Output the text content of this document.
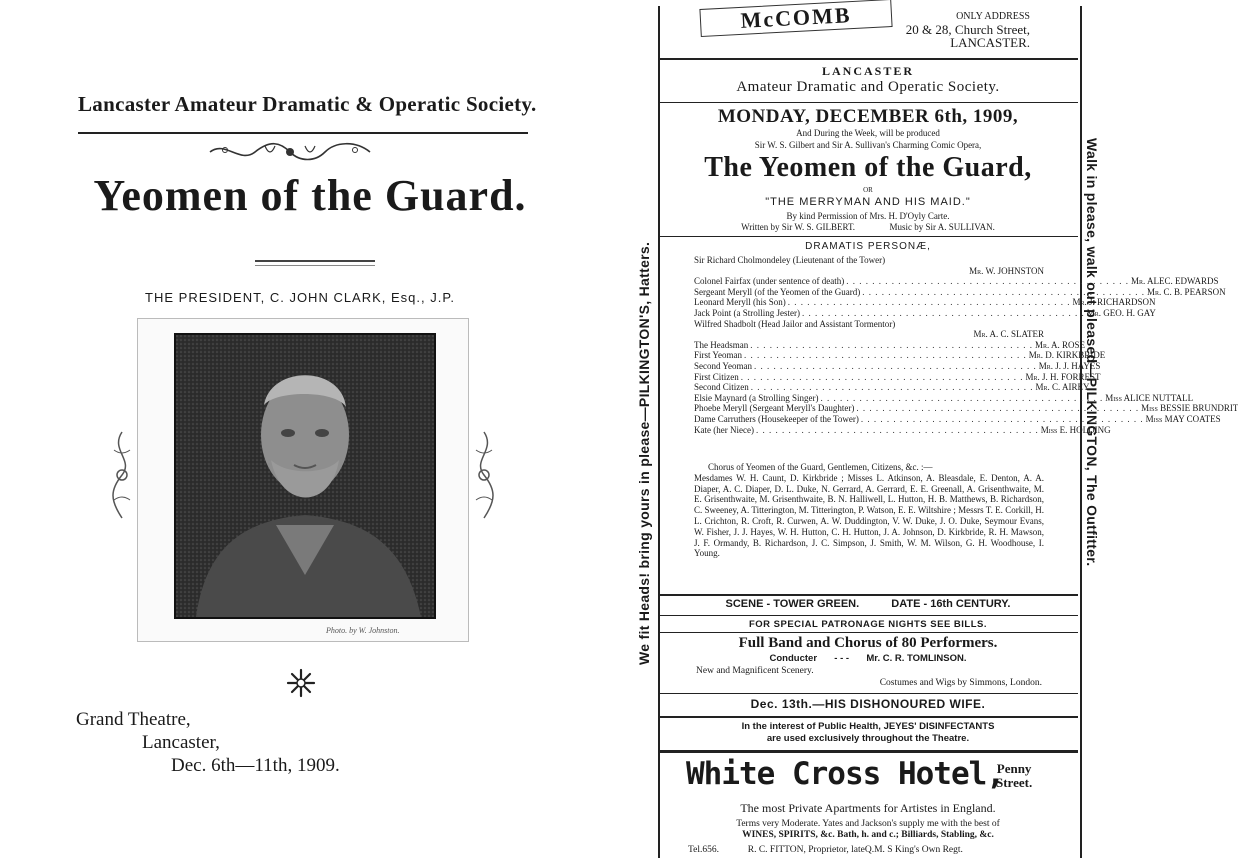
Lancaster Amateur Dramatic & Operatic Society.
Yeomen of the Guard.
THE PRESIDENT, C. JOHN CLARK, Esq., J.P.
Photo. by W. Johnston.
Grand Theatre,
Lancaster,
Dec. 6th—11th, 1909.
We fit Heads! bring yours in please—PILKINGTON'S, Hatters.	Walk in please, walk out pleased—PILKINGTON, The Outfitter.
McCOMB	ONLY ADDRESS
20 & 28, Church Street,
LANCASTER.
LANCASTER
Amateur Dramatic and Operatic Society.
MONDAY, DECEMBER 6th, 1909,
And During the Week, will be produced
Sir W. S. Gilbert and Sir A. Sullivan's Charming Comic Opera,
The Yeomen of the Guard,
OR
"THE MERRYMAN AND HIS MAID."
By kind Permission of Mrs. H. D'Oyly Carte.
Written by Sir W. S. GILBERT.	Music by Sir A. SULLIVAN.
DRAMATIS PERSONÆ,
Sir Richard Cholmondeley (Lieutenant of the Tower)
Mr. W. JOHNSTON
Colonel Fairfax (under sentence of death) . . . . . . . . . . . . . . . . . . . . . . . . . . . . . . . . . . . . . . . . . . . . Mr. ALEC. EDWARDS
Sergeant Meryll (of the Yeomen of the Guard) . . . . . . . . . . . . . . . . . . . . . . . . . . . . . . . . . . . . . . . . . . . . Mr. C. B. PEARSON
Leonard Meryll (his Son) . . . . . . . . . . . . . . . . . . . . . . . . . . . . . . . . . . . . . . . . . . . . Mr. J. RICHARDSON
Jack Point (a Strolling Jester) . . . . . . . . . . . . . . . . . . . . . . . . . . . . . . . . . . . . . . . . . . . . Mr. GEO. H. GAY
Wilfred Shadbolt (Head Jailor and Assistant Tormentor)
Mr. A. C. SLATER
The Headsman . . . . . . . . . . . . . . . . . . . . . . . . . . . . . . . . . . . . . . . . . . . . Mr. A. ROSE
First Yeoman . . . . . . . . . . . . . . . . . . . . . . . . . . . . . . . . . . . . . . . . . . . . Mr. D. KIRKBRIDE
Second Yeoman . . . . . . . . . . . . . . . . . . . . . . . . . . . . . . . . . . . . . . . . . . . . Mr. J. J. HAYES
First Citizen . . . . . . . . . . . . . . . . . . . . . . . . . . . . . . . . . . . . . . . . . . . . Mr. J. H. FORREST
Second Citizen . . . . . . . . . . . . . . . . . . . . . . . . . . . . . . . . . . . . . . . . . . . . Mr. C. AIREY
Elsie Maynard (a Strolling Singer) . . . . . . . . . . . . . . . . . . . . . . . . . . . . . . . . . . . . . . . . . . . . Miss ALICE NUTTALL
Phoebe Meryll (Sergeant Meryll's Daughter) . . . . . . . . . . . . . . . . . . . . . . . . . . . . . . . . . . . . . . . . . . . . Miss BESSIE BRUNDRIT
Dame Carruthers (Housekeeper of the Tower) . . . . . . . . . . . . . . . . . . . . . . . . . . . . . . . . . . . . . . . . . . . . Miss MAY COATES
Kate (her Niece) . . . . . . . . . . . . . . . . . . . . . . . . . . . . . . . . . . . . . . . . . . . . Miss E. HOLDING

Chorus of Yeomen of the Guard, Gentlemen, Citizens, &c. :—

Mesdames W. H. Caunt, D. Kirkbride ; Misses L. Atkinson, A. Bleasdale, E. Denton, A. A. Diaper, A. C. Diaper, D. L. Duke, N. Gerrard, A. Gerrard, E. E. Greenall, A. Grisenthwaite, M. E. Grisenthwaite, M. Grisenthwaite, B. N. Halliwell, L. Hutton, H. B. Matthews, B. Richardson, C. Sweeney, A. Titterington, M. Titterington, P. Watson, E. E. Wiltshire ; Messrs T. E. Corkill, H. L. Crichton, R. Croft, R. Curwen, A. W. Duddington, V. W. Duke, J. O. Duke, Seymour Evans, W. Fisher, J. J. Hayes, W. H. Hutton, C. H. Hutton, J. A. Johnson, D. Kirkbride, R. H. Mawson, J. F. Ormandy, B. Richardson, J. C. Simpson, J. Smith, W. M. Wilson, G. H. Woodhouse, I. Young.

SCENE - TOWER GREEN.	DATE - 16th CENTURY.
FOR SPECIAL PATRONAGE NIGHTS SEE BILLS.
Full Band and Chorus of 80 Performers.
Conducter - - - Mr. C. R. TOMLINSON.
New and Magnificent Scenery.
Costumes and Wigs by Simmons, London.
Dec. 13th.—HIS DISHONOURED WIFE.
In the interest of Public Health, JEYES' DISINFECTANTS
are used exclusively throughout the Theatre.
White Cross Hotel,
Penny
Street.
The most Private Apartments for Artistes in England.
Terms very Moderate. Yates and Jackson's supply me with the best of
WINES, SPIRITS, &c. Bath, h. and c.; Billiards, Stabling, &c.
Tel.656.	R. C. FITTON, Proprietor, lateQ.M. S King's Own Regt.
